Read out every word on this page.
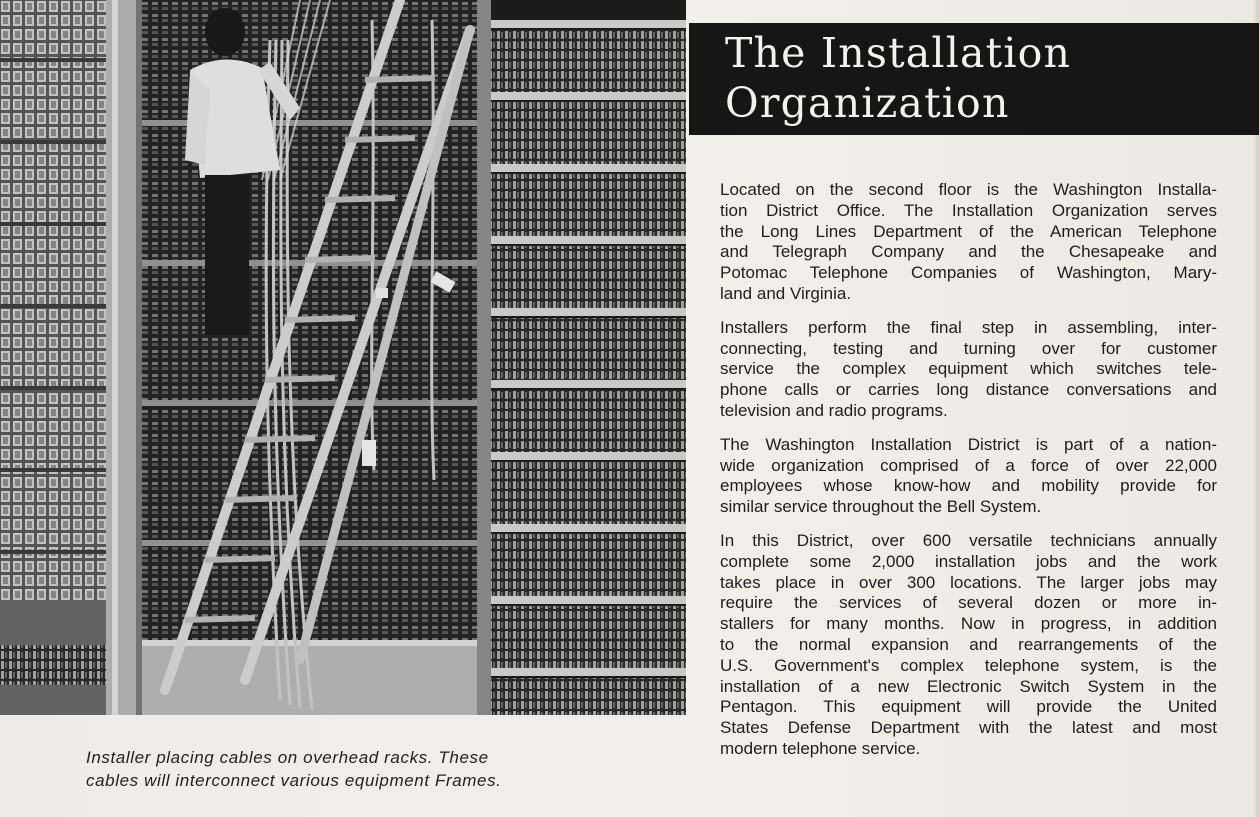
Installer placing cables on overhead racks. These
cables will interconnect various equipment Frames.

The Installation
Organization

Located on the second floor is the Washington Installa-
tion District Office. The Installation Organization serves
the Long Lines Department of the American Telephone
and Telegraph Company and the Chesapeake and
Potomac Telephone Companies of Washington, Mary-
land and Virginia.

Installers perform the final step in assembling, inter-
connecting, testing and turning over for customer
service the complex equipment which switches tele-
phone calls or carries long distance conversations and
television and radio programs.

The Washington Installation District is part of a nation-
wide organization comprised of a force of over 22,000
employees whose know-how and mobility provide for
similar service throughout the Bell System.

In this District, over 600 versatile technicians annually
complete some 2,000 installation jobs and the work
takes place in over 300 locations. The larger jobs may
require the services of several dozen or more in-
stallers for many months. Now in progress, in addition
to the normal expansion and rearrangements of the
U.S. Government's complex telephone system, is the
installation of a new Electronic Switch System in the
Pentagon. This equipment will provide the United
States Defense Department with the latest and most
modern telephone service.
